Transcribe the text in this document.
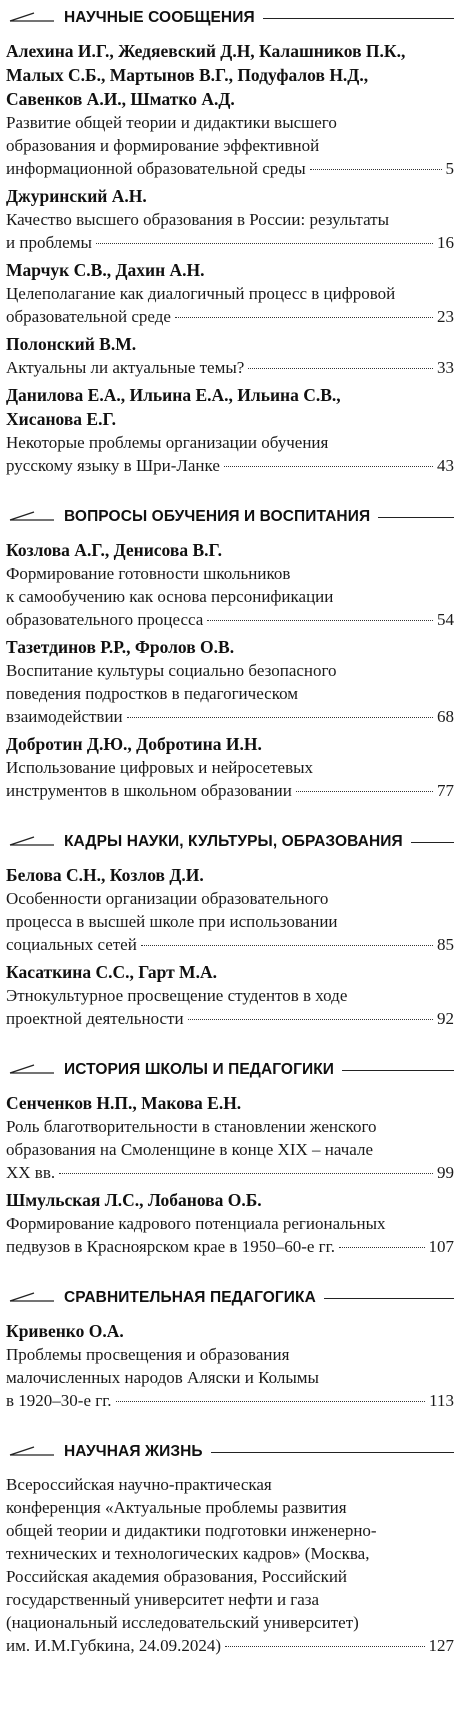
НАУЧНЫЕ СООБЩЕНИЯ
Алехина И.Г., Жедяевский Д.Н, Калашников П.К.,
Малых С.Б., Мартынов В.Г., Подуфалов Н.Д.,
Савенков А.И., Шматко А.Д.
Развитие общей теории и дидактики высшего
образования и формирование эффективной
информационной образовательной среды	5
Джуринский А.Н.
Качество высшего образования в России: результаты
и проблемы	16
Марчук С.В., Дахин А.Н.
Целеполагание как диалогичный процесс в цифровой
образовательной среде	23
Полонский В.М.
Актуальны ли актуальные темы?	33
Данилова Е.А., Ильина Е.А., Ильина С.В.,
Хисанова Е.Г.
Некоторые проблемы организации обучения
русскому языку в Шри-Ланке	43
ВОПРОСЫ ОБУЧЕНИЯ И ВОСПИТАНИЯ
Козлова А.Г., Денисова В.Г.
Формирование готовности школьников
к самообучению как основа персонификации
образовательного процесса	54
Тазетдинов Р.Р., Фролов О.В.
Воспитание культуры социально безопасного
поведения подростков в педагогическом
взаимодействии	68
Добротин Д.Ю., Добротина И.Н.
Использование цифровых и нейросетевых
инструментов в школьном образовании	77
КАДРЫ НАУКИ, КУЛЬТУРЫ, ОБРАЗОВАНИЯ
Белова С.Н., Козлов Д.И.
Особенности организации образовательного
процесса в высшей школе при использовании
социальных сетей	85
Касаткина С.С., Гарт М.А.
Этнокультурное просвещение студентов в ходе
проектной деятельности	92
ИСТОРИЯ ШКОЛЫ И ПЕДАГОГИКИ
Сенченков Н.П., Макова Е.Н.
Роль благотворительности в становлении женского
образования на Смоленщине в конце XIX – начале
XX вв.	99
Шмульская Л.С., Лобанова О.Б.
Формирование кадрового потенциала региональных
педвузов в Красноярском крае в 1950–60-е гг.	107
СРАВНИТЕЛЬНАЯ ПЕДАГОГИКА
Кривенко О.А.
Проблемы просвещения и образования
малочисленных народов Аляски и Колымы
в 1920–30-е гг.	113
НАУЧНАЯ ЖИЗНЬ
Всероссийская научно-практическая
конференция «Актуальные проблемы развития
общей теории и дидактики подготовки инженерно-
технических и технологических кадров» (Москва,
Российская академия образования, Российский
государственный университет нефти и газа
(национальный исследовательский университет)
им. И.М.Губкина, 24.09.2024)	127
